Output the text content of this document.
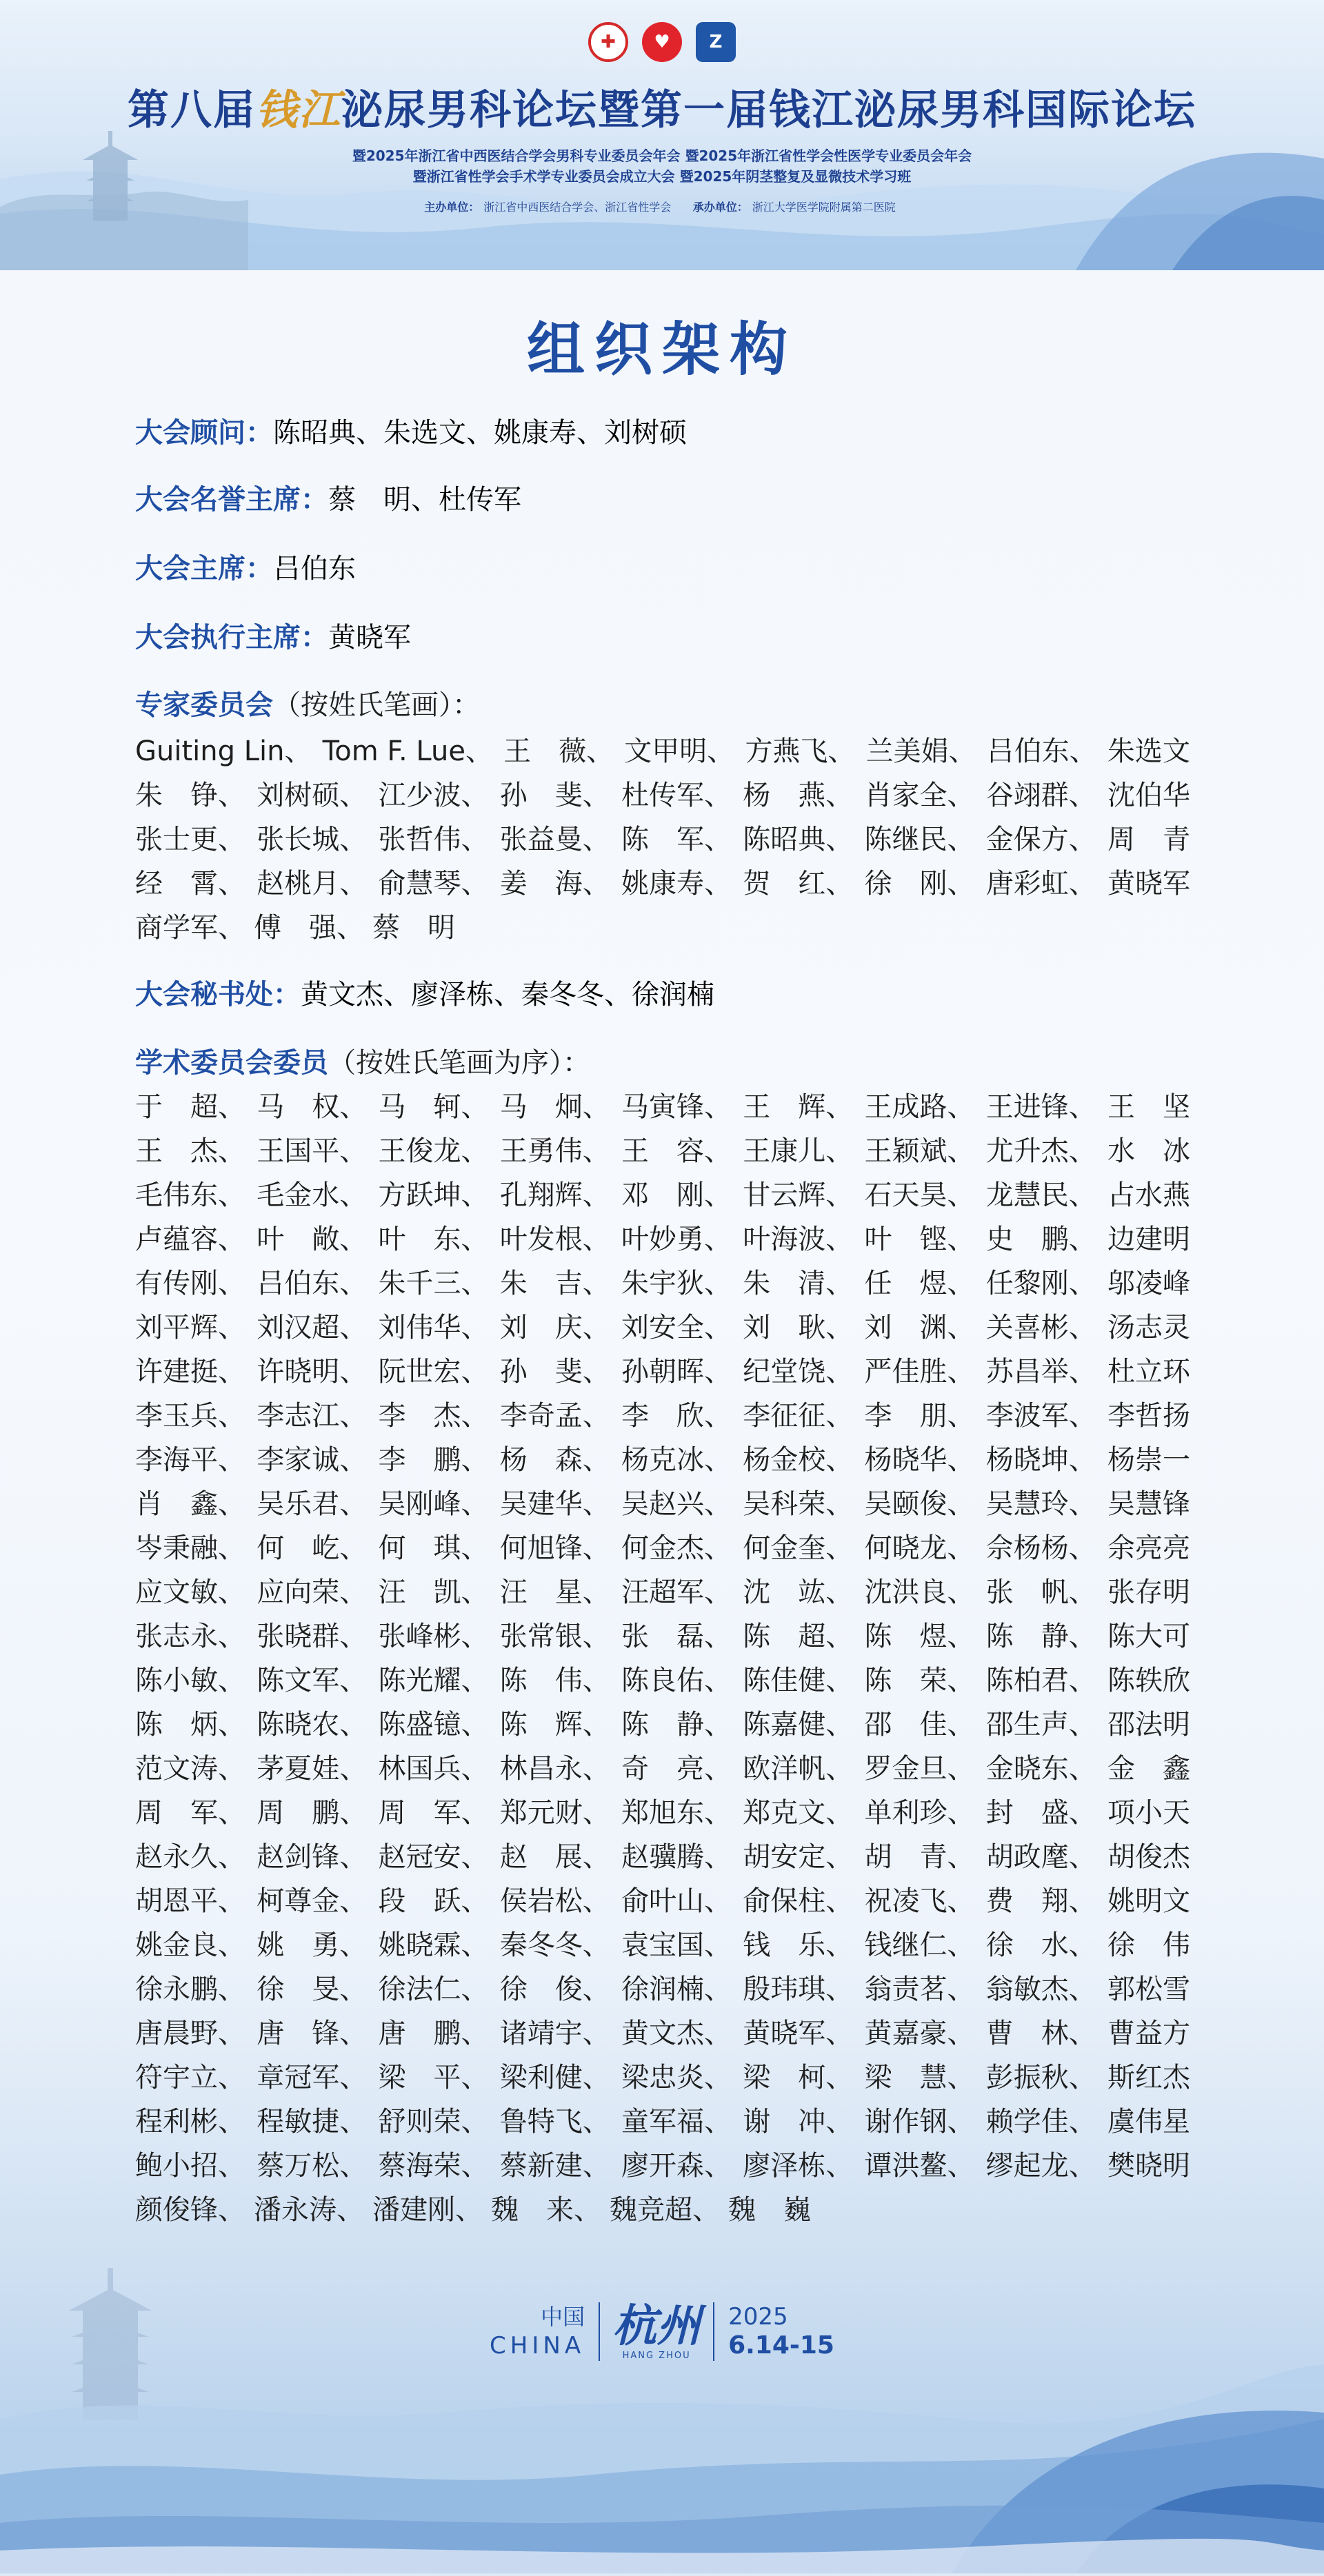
✚	♥	Z
第八届钱江泌尿男科论坛暨第一届钱江泌尿男科国际论坛
暨2025年浙江省中西医结合学会男科专业委员会年会 暨2025年浙江省性学会性医学专业委员会年会
暨浙江省性学会手术学专业委员会成立大会 暨2025年阴茎整复及显微技术学习班
主办单位： 浙江省中西医结合学会、浙江省性学会 承办单位： 浙江大学医学院附属第二医院
组织架构
大会顾问：陈昭典、朱选文、姚康寿、刘树硕
大会名誉主席：蔡　明、杜传军
大会主席：吕伯东
大会执行主席：黄晓军
专家委员会（按姓氏笔画）：
Guiting Lin、 Tom F. Lue、 王　薇、 文甲明、 方燕飞、 兰美娟、 吕伯东、 朱选文
朱　铮、 刘树硕、 江少波、 孙　斐、 杜传军、 杨　燕、 肖家全、 谷翊群、 沈伯华
张士更、 张长城、 张哲伟、 张益曼、 陈　军、 陈昭典、 陈继民、 金保方、 周　青
经　霄、 赵桃月、 俞慧琴、 姜　海、 姚康寿、 贺　红、 徐　刚、 唐彩虹、 黄晓军
商学军、 傅　强、 蔡　明
大会秘书处：黄文杰、廖泽栋、秦冬冬、徐润楠
学术委员会委员（按姓氏笔画为序）：
于　超、 马　权、 马　轲、 马　炯、 马寅锋、 王　辉、 王成路、 王进锋、 王　坚
王　杰、 王国平、 王俊龙、 王勇伟、 王　容、 王康儿、 王颖斌、 尤升杰、 水　冰
毛伟东、 毛金水、 方跃坤、 孔翔辉、 邓　刚、 甘云辉、 石天昊、 龙慧民、 占水燕
卢蕴容、 叶　敞、 叶　东、 叶发根、 叶妙勇、 叶海波、 叶　铿、 史　鹏、 边建明
有传刚、 吕伯东、 朱千三、 朱　吉、 朱宇狄、 朱　清、 任　煜、 任黎刚、 邬凌峰
刘平辉、 刘汉超、 刘伟华、 刘　庆、 刘安全、 刘　耿、 刘　渊、 关喜彬、 汤志灵
许建挺、 许晓明、 阮世宏、 孙　斐、 孙朝晖、 纪堂饶、 严佳胜、 苏昌举、 杜立环
李玉兵、 李志江、 李　杰、 李奇孟、 李　欣、 李征征、 李　朋、 李波军、 李哲扬
李海平、 李家诚、 李　鹏、 杨　森、 杨克冰、 杨金校、 杨晓华、 杨晓坤、 杨崇一
肖　鑫、 吴乐君、 吴刚峰、 吴建华、 吴赵兴、 吴科荣、 吴颐俊、 吴慧玲、 吴慧锋
岑秉融、 何　屹、 何　琪、 何旭锋、 何金杰、 何金奎、 何晓龙、 佘杨杨、 余亮亮
应文敏、 应向荣、 汪　凯、 汪　星、 汪超军、 沈　竑、 沈洪良、 张　帆、 张存明
张志永、 张晓群、 张峰彬、 张常银、 张　磊、 陈　超、 陈　煜、 陈　静、 陈大可
陈小敏、 陈文军、 陈光耀、 陈　伟、 陈良佑、 陈佳健、 陈　荣、 陈柏君、 陈轶欣
陈　炳、 陈晓农、 陈盛镱、 陈　辉、 陈　静、 陈嘉健、 邵　佳、 邵生声、 邵法明
范文涛、 茅夏娃、 林国兵、 林昌永、 奇　亮、 欧洋帆、 罗金旦、 金晓东、 金　鑫
周　军、 周　鹏、 周　军、 郑元财、 郑旭东、 郑克文、 单利珍、 封　盛、 项小天
赵永久、 赵剑锋、 赵冠安、 赵　展、 赵骥腾、 胡安定、 胡　青、 胡政麾、 胡俊杰
胡恩平、 柯尊金、 段　跃、 侯岩松、 俞叶山、 俞保柱、 祝凌飞、 费　翔、 姚明文
姚金良、 姚　勇、 姚晓霖、 秦冬冬、 袁宝国、 钱　乐、 钱继仁、 徐　水、 徐　伟
徐永鹏、 徐　旻、 徐法仁、 徐　俊、 徐润楠、 殷玮琪、 翁责茗、 翁敏杰、 郭松雪
唐晨野、 唐　锋、 唐　鹏、 诸靖宇、 黄文杰、 黄晓军、 黄嘉豪、 曹　林、 曹益方
符宇立、 章冠军、 梁　平、 梁利健、 梁忠炎、 梁　柯、 梁　慧、 彭振秋、 斯红杰
程利彬、 程敏捷、 舒则荣、 鲁特飞、 童军福、 谢　冲、 谢作钢、 赖学佳、 虞伟星
鲍小招、 蔡万松、 蔡海荣、 蔡新建、 廖开森、 廖泽栋、 谭洪鳌、 缪起龙、 樊晓明
颜俊锋、 潘永涛、 潘建刚、 魏　来、 魏竞超、 魏　巍
中国
CHINA 杭州
HANG ZHOU
2025
6.14-15
